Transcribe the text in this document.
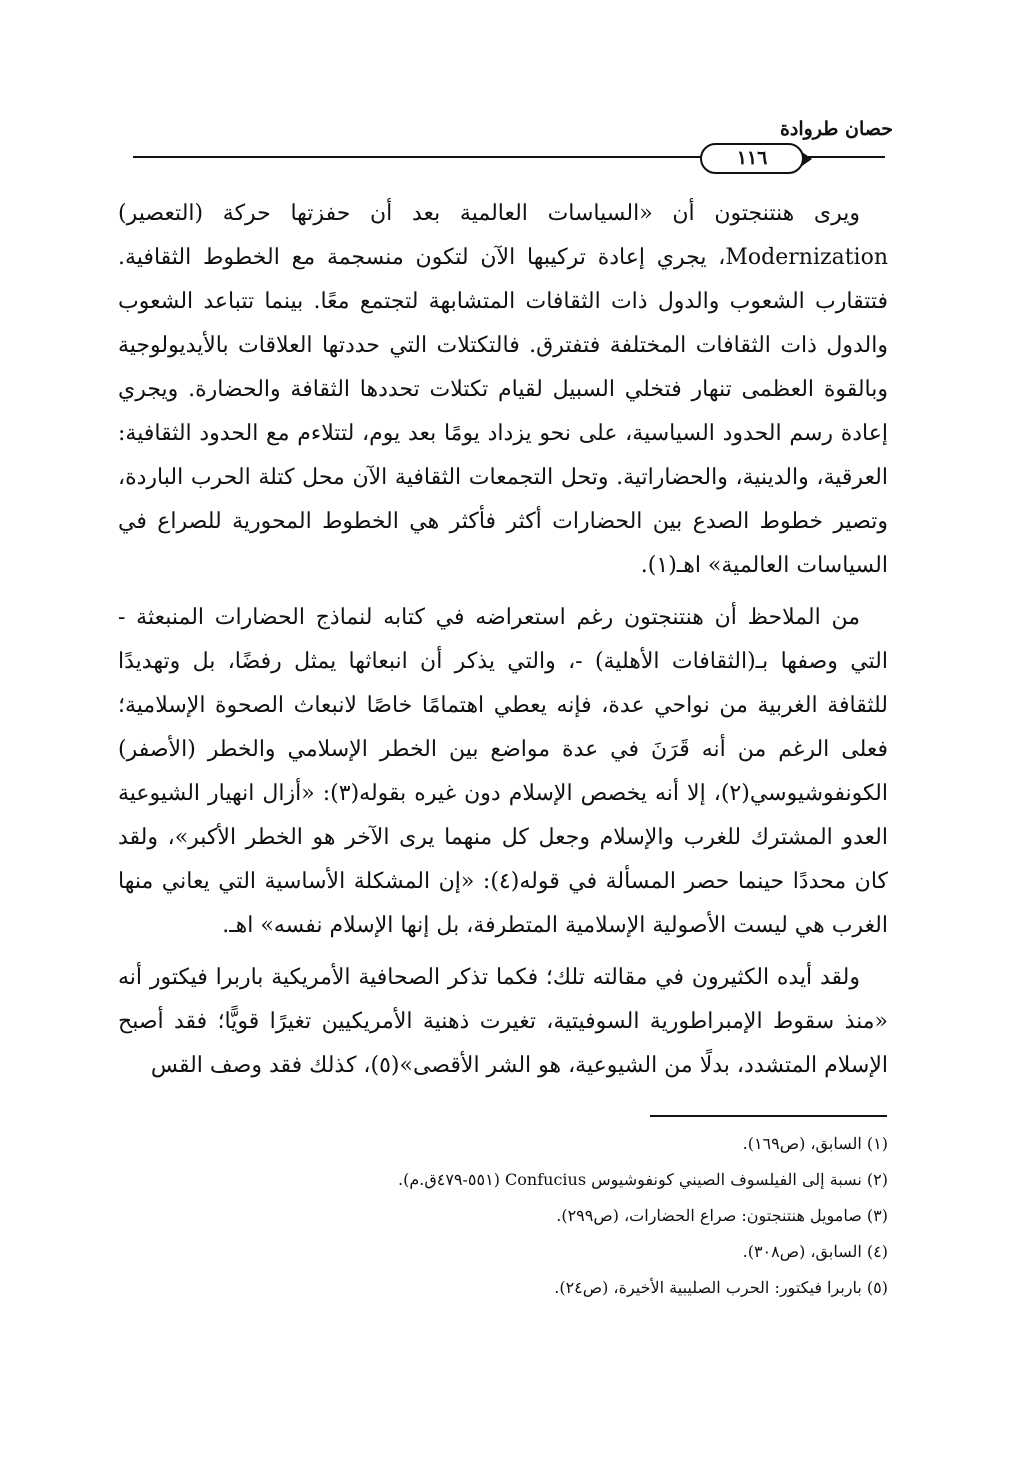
حصان طروادة
١١٦

ويرى هنتنجتون أن «السياسات العالمية بعد أن حفزتها حركة (التعصير) Modernization، يجري إعادة تركيبها الآن لتكون منسجمة مع الخطوط الثقافية. فتتقارب الشعوب والدول ذات الثقافات المتشابهة لتجتمع معًا. بينما تتباعد الشعوب والدول ذات الثقافات المختلفة فتفترق. فالتكتلات التي حددتها العلاقات بالأيديولوجية وبالقوة العظمى تنهار فتخلي السبيل لقيام تكتلات تحددها الثقافة والحضارة. ويجري إعادة رسم الحدود السياسية، على نحو يزداد يومًا بعد يوم، لتتلاءم مع الحدود الثقافية: العرقية، والدينية، والحضاراتية. وتحل التجمعات الثقافية الآن محل كتلة الحرب الباردة، وتصير خطوط الصدع بين الحضارات أكثر فأكثر هي الخطوط المحورية للصراع في السياسات العالمية» اهـ(١).

من الملاحظ أن هنتنجتون رغم استعراضه في كتابه لنماذج الحضارات المنبعثة - التي وصفها بـ(الثقافات الأهلية) -، والتي يذكر أن انبعاثها يمثل رفضًا، بل وتهديدًا للثقافة الغربية من نواحي عدة، فإنه يعطي اهتمامًا خاصًا لانبعاث الصحوة الإسلامية؛ فعلى الرغم من أنه قَرَنَ في عدة مواضع بين الخطر الإسلامي والخطر (الأصفر) الكونفوشيوسي(٢)، إلا أنه يخصص الإسلام دون غيره بقوله(٣): «أزال انهيار الشيوعية العدو المشترك للغرب والإسلام وجعل كل منهما يرى الآخر هو الخطر الأكبر»، ولقد كان محددًا حينما حصر المسألة في قوله(٤): «إن المشكلة الأساسية التي يعاني منها الغرب هي ليست الأصولية الإسلامية المتطرفة، بل إنها الإسلام نفسه» اهـ.

ولقد أيده الكثيرون في مقالته تلك؛ فكما تذكر الصحافية الأمريكية باربرا فيكتور أنه «منذ سقوط الإمبراطورية السوفيتية، تغيرت ذهنية الأمريكيين تغيرًا قويًّا؛ فقد أصبح الإسلام المتشدد، بدلًا من الشيوعية، هو الشر الأقصى»(٥)، كذلك فقد وصف القس

(١) السابق، (ص١٦٩).
(٢) نسبة إلى الفيلسوف الصيني كونفوشيوس Confucius (٥٥١-٤٧٩ق.م).
(٣) صامويل هنتنجتون: صراع الحضارات، (ص٢٩٩).
(٤) السابق، (ص٣٠٨).
(٥) باربرا فيكتور: الحرب الصليبية الأخيرة، (ص٢٤).
